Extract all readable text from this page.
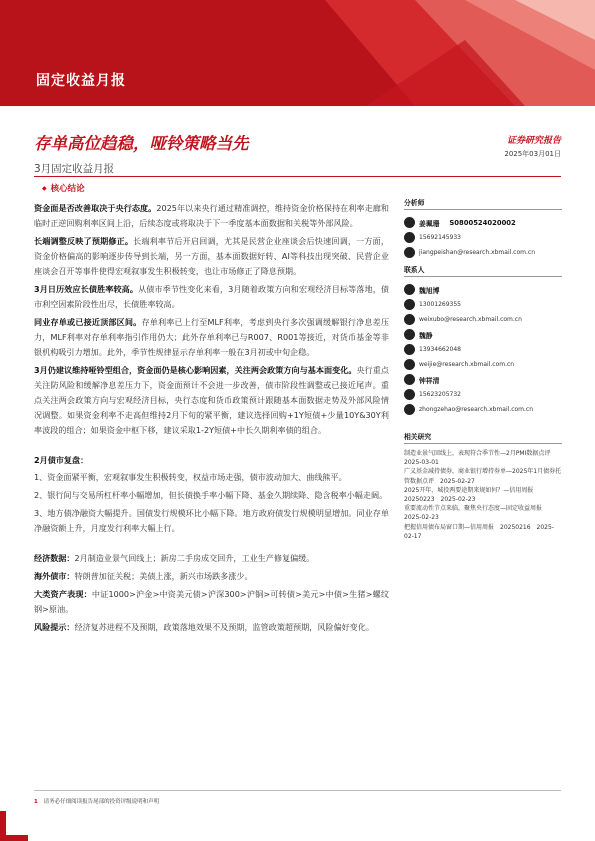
固定收益月报
存单高位趋稳，哑铃策略当先
3月固定收益月报
证券研究报告
2025年03月01日
◆ 核心结论

资金面是否改善取决于央行态度。2025年以来央行通过精准调控，维持资金价格保持在利率走廊和临时正逆回购利率区间上沿，后续态度或将取决于下一季度基本面数据和关税等外部风险。

长端调整反映了预期修正。长端利率节后开启回调，尤其是民营企业座谈会后快速回调，一方面，资金价格偏高的影响逐步传导到长端，另一方面，基本面数据好转、AI等科技出现突破、民营企业座谈会召开等事件使得宏观叙事发生积极转变，也让市场修正了降息预期。

3月日历效应长债胜率较高。从债市季节性变化来看，3月随着政策方向和宏观经济目标等落地，债市利空因素阶段性出尽，长债胜率较高。

同业存单或已接近顶部区间。存单利率已上行至MLF利率，考虑到央行多次强调缓解银行净息差压力，MLF利率对存单利率指引作用仍大；此外存单利率已与R007、R001等接近，对货币基金等非银机构吸引力增加。此外，季节性规律显示存单利率一般在3月初或中旬企稳。

3月仍建议维持哑铃型组合，资金面仍是核心影响因素，关注两会政策方向与基本面变化。央行重点关注防风险和缓解净息差压力下，资金面预计不会进一步改善，债市阶段性调整或已接近尾声。重点关注两会政策方向与宏观经济目标，央行态度和货币政策预计跟随基本面数据走势及外部风险情况调整。如果资金利率不走高但维持2月下旬的紧平衡，建议选择回购+1Y短债+少量10Y&30Y利率波段的组合；如果资金中枢下移，建议采取1-2Y短债+中长久期利率债的组合。

2月债市复盘：

1、资金面紧平衡，宏观叙事发生积极转变，权益市场走强，债市波动加大、曲线熊平。

2、银行间与交易所杠杆率小幅增加，但长债换手率小幅下降、基金久期续降、隐含税率小幅走阔。

3、地方债净融资大幅提升。国债发行规模环比小幅下降。地方政府债发行规模明显增加。同业存单净融资额上升，月度发行利率大幅上行。

经济数据：2月制造业景气回线上；新房二手房成交回升，工业生产修复偏缓。

海外债市：特朗普加征关税；美债上涨，新兴市场跌多涨少。

大类资产表现：中证1000>沪金>中资美元债>沪深300>沪铜>可转债>美元>中债>生猪>螺纹钢>原油。

风险提示：经济复苏进程不及预期，政策落地效果不及预期，监管政策超预期，风险偏好变化。

分析师
姜珮珊 S0800524020002
15692145933
jiangpeishan@research.xbmail.com.cn
联系人
魏旭博
13001269355
weixubo@research.xbmail.com.cn
魏静
13934662048
weijie@research.xbmail.com.cn
钟祥清
15623205732
zhongzehao@research.xbmail.com.cn
相关研究
制造业景气回线上，表现符合季节性—2月PMI数据点评　2025-03-01
广义基金减持债券，商业银行增持券单—2025年1月债券托管数据点评　2025-02-27
2025开年，城投两要途期来规如何？—信用周报　20250223　2025-02-23
重要流动性节点来临，聚焦央行态度—固定收益周报　2025-02-23
把握信用债布局窗口期—信用周报　20250216　2025-02-17
1 请务必仔细阅读报告尾部的投资评级说明和声明
